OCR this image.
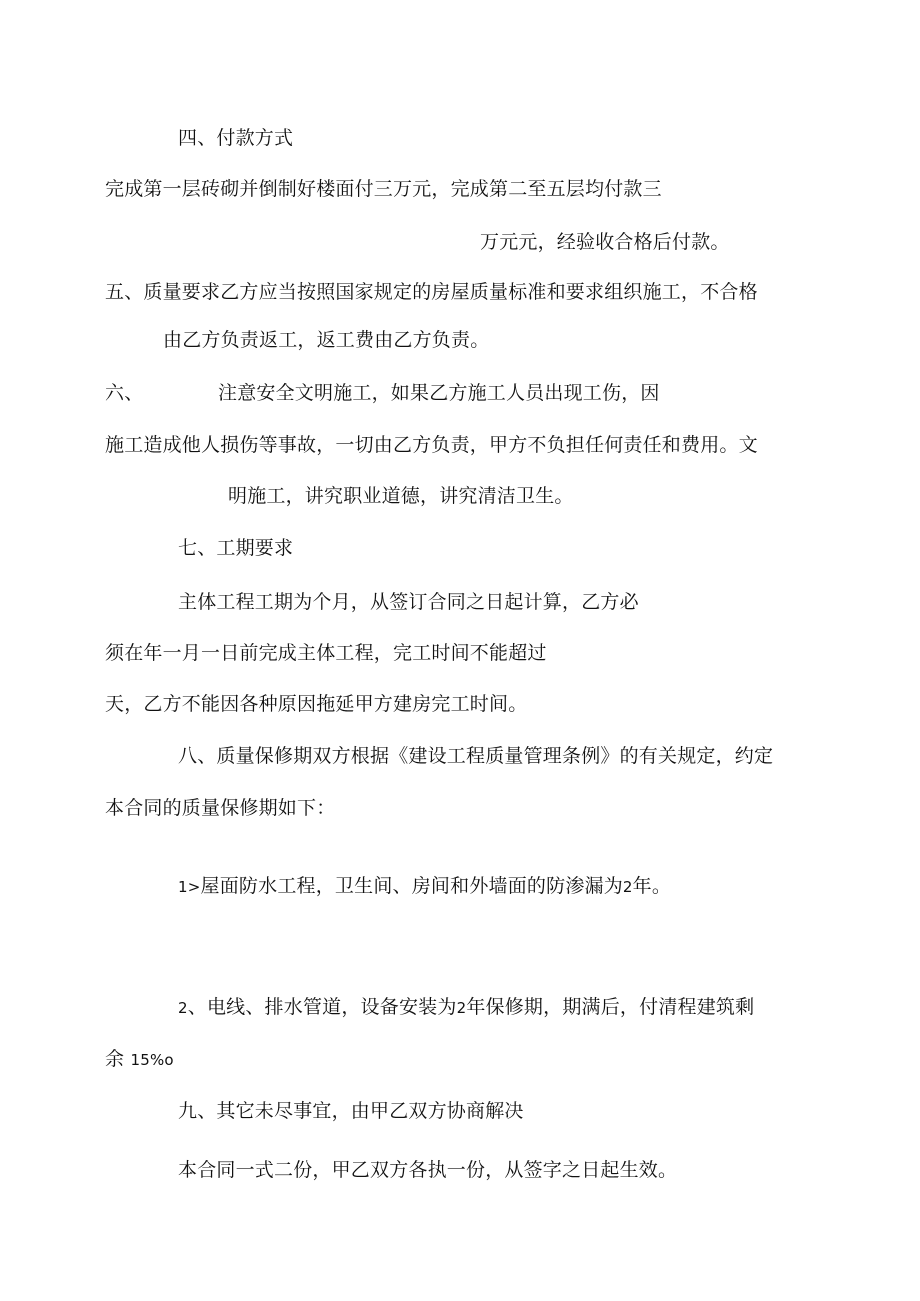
四、付款方式
完成第一层砖砌并倒制好楼面付三万元，完成第二至五层均付款三
万元元，经验收合格后付款。
五、质量要求乙方应当按照国家规定的房屋质量标准和要求组织施工，不合格
由乙方负责返工，返工费由乙方负责。
六、	注意安全文明施工，如果乙方施工人员出现工伤，因
施工造成他人损伤等事故，一切由乙方负责，甲方不负担任何责任和费用。文
明施工，讲究职业道德，讲究清洁卫生。
七、工期要求
主体工程工期为个月，从签订合同之日起计算，乙方必
须在年一月一日前完成主体工程，完工时间不能超过
天，乙方不能因各种原因拖延甲方建房完工时间。
八、质量保修期双方根据《建设工程质量管理条例》的有关规定，约定
本合同的质量保修期如下：
1>屋面防水工程，卫生间、房间和外墙面的防渗漏为2年。
2、电线、排水管道，设备安装为2年保修期，期满后，付清程建筑剩
余 15%o
九、其它未尽事宜，由甲乙双方协商解决
本合同一式二份，甲乙双方各执一份，从签字之日起生效。
